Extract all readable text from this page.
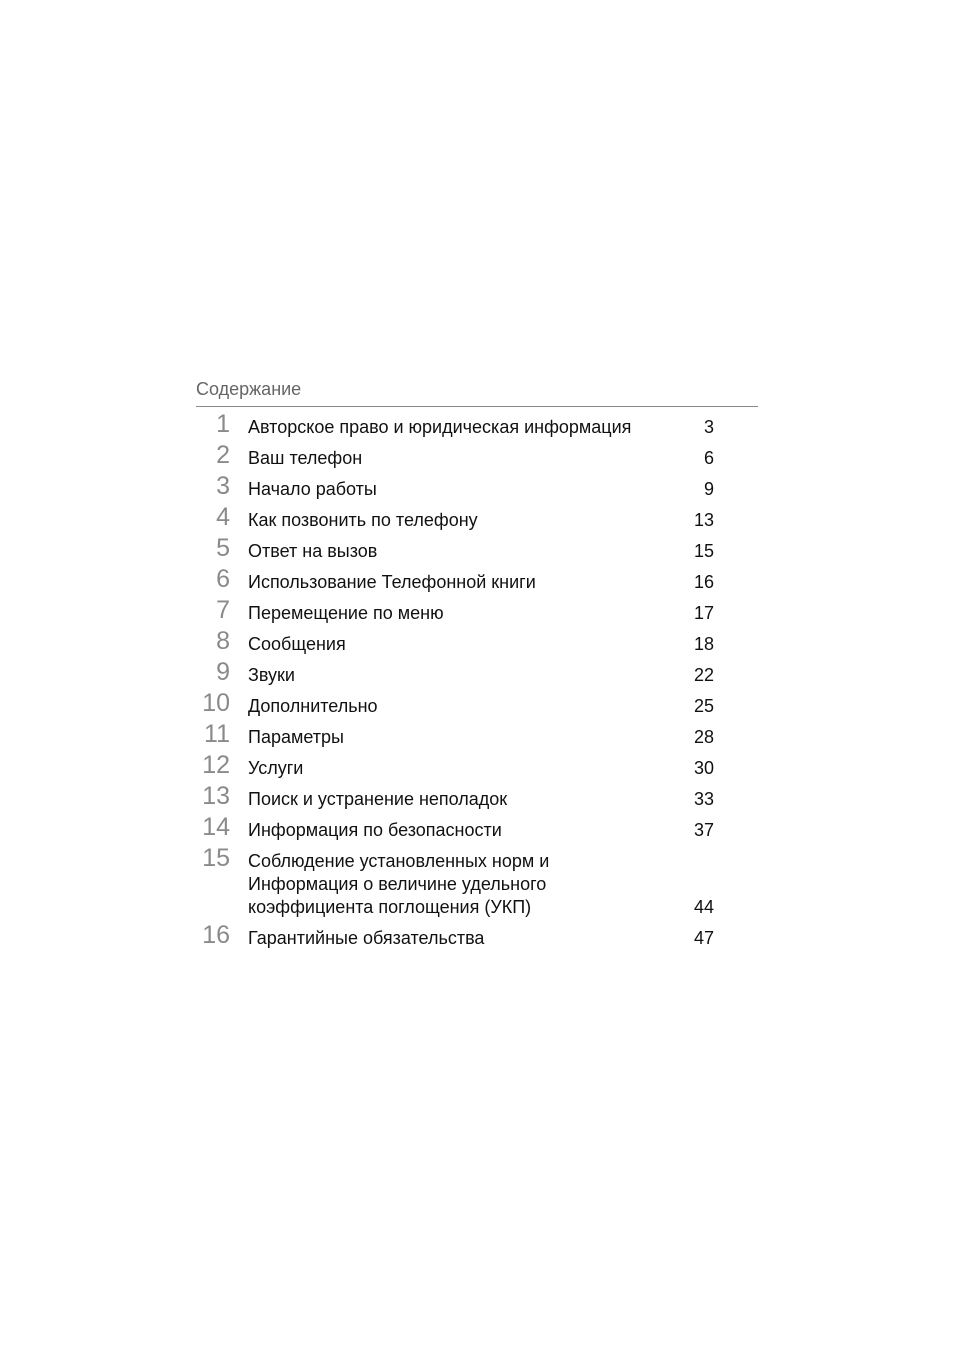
Содержание
1 Авторское право и юридическая информация	3
2 Ваш телефон	6
3 Начало работы	9
4 Как позвонить по телефону	13
5 Ответ на вызов	15
6 Использование Телефонной книги	16
7 Перемещение по меню	17
8 Сообщения	18
9 Звуки	22
10 Дополнительно	25
11 Параметры	28
12 Услуги	30
13 Поиск и устранение неполадок	33
14 Информация по безопасности	37
15 Соблюдение установленных норм и
Информация о величине удельного
коэффициента поглощения (УКП)	44
16 Гарантийные обязательства	47
